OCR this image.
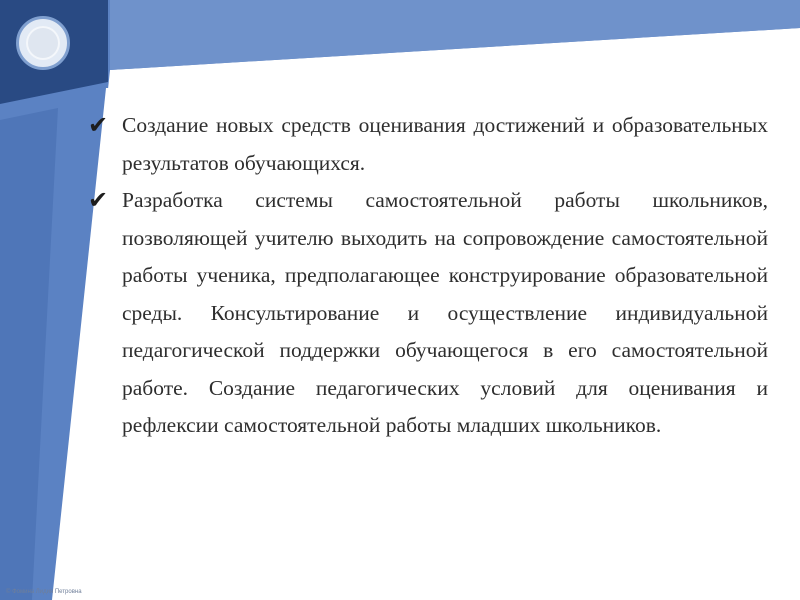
✔ Создание новых средств оценивания достижений и образовательных результатов обучающихся.
✔ Разработка системы самостоятельной работы школьников, позволяющей учителю выходить на сопровождение самостоятельной работы ученика, предполагающее конструирование образовательной среды. Консультирование и осуществление индивидуальной педагогической поддержки обучающегося в его самостоятельной работе. Создание педагогических условий для оценивания и рефлексии самостоятельной работы младших школьников.
© Фомина Лидия Петровна
